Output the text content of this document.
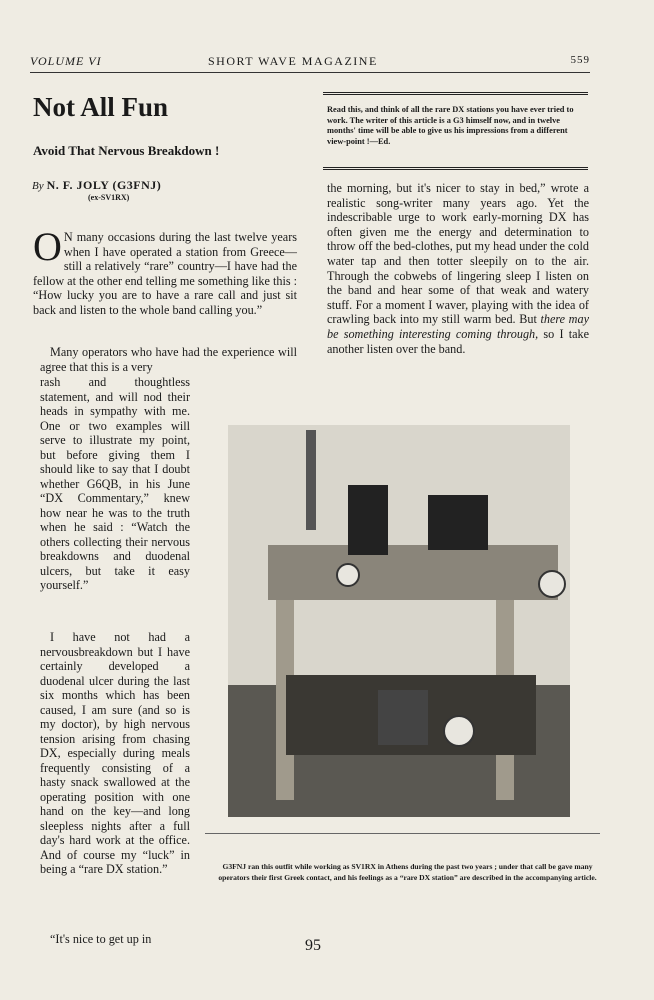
VOLUME VI	SHORT WAVE MAGAZINE	559
Not All Fun
Avoid That Nervous Breakdown !
By N. F. JOLY (G3FNJ)
(ex-SV1RX)

Read this, and think of all the rare DX stations you have ever tried to work. The writer of this article is a G3 himself now, and in twelve months' time will be able to give us his impressions from a different view-point !—Ed.

O N many occasions during the last twelve years when I have operated a station from Greece—still a relatively “rare” country—I have had the fellow at the other end telling me something like this : “How lucky you are to have a rare call and just sit back and listen to the whole band calling you.”

Many operators who have had the experience will agree that this is a very
rash and thoughtless statement, and will nod their heads in sympathy with me. One or two examples will serve to illustrate my point, but before giving them I should like to say that I doubt whether G6QB, in his June “DX Commentary,” knew how near he was to the truth when he said : “Watch the others collecting their nervous breakdowns and duodenal ulcers, but take it easy yourself.”
I have not had a nervousbreakdown but I have certainly developed a duodenal ulcer during the last six months which has been caused, I am sure (and so is my doctor), by high nervous tension arising from chasing DX, especially during meals frequently consisting of a hasty snack swallowed at the operating position with one hand on the key—and long sleepless nights after a full day's hard work at the office. And of course my “luck” in being a “rare DX station.”
“It's nice to get up in

the morning, but it's nicer to stay in bed,” wrote a realistic song-writer many years ago. Yet the indescribable urge to work early-morning DX has often given me the energy and determination to throw off the bed-clothes, put my head under the cold water tap and then totter sleepily on to the air. Through the cobwebs of lingering sleep I listen on the band and hear some of that weak and watery stuff. For a moment I waver, playing with the idea of crawling back into my still warm bed. But there may be something interesting coming through, so I take another listen over the band.

G3FNJ ran this outfit while working as SV1RX in Athens during the past two years ; under that call be gave many operators their first Greek contact, and his feelings as a “rare DX station” are described in the accompanying article.
95
